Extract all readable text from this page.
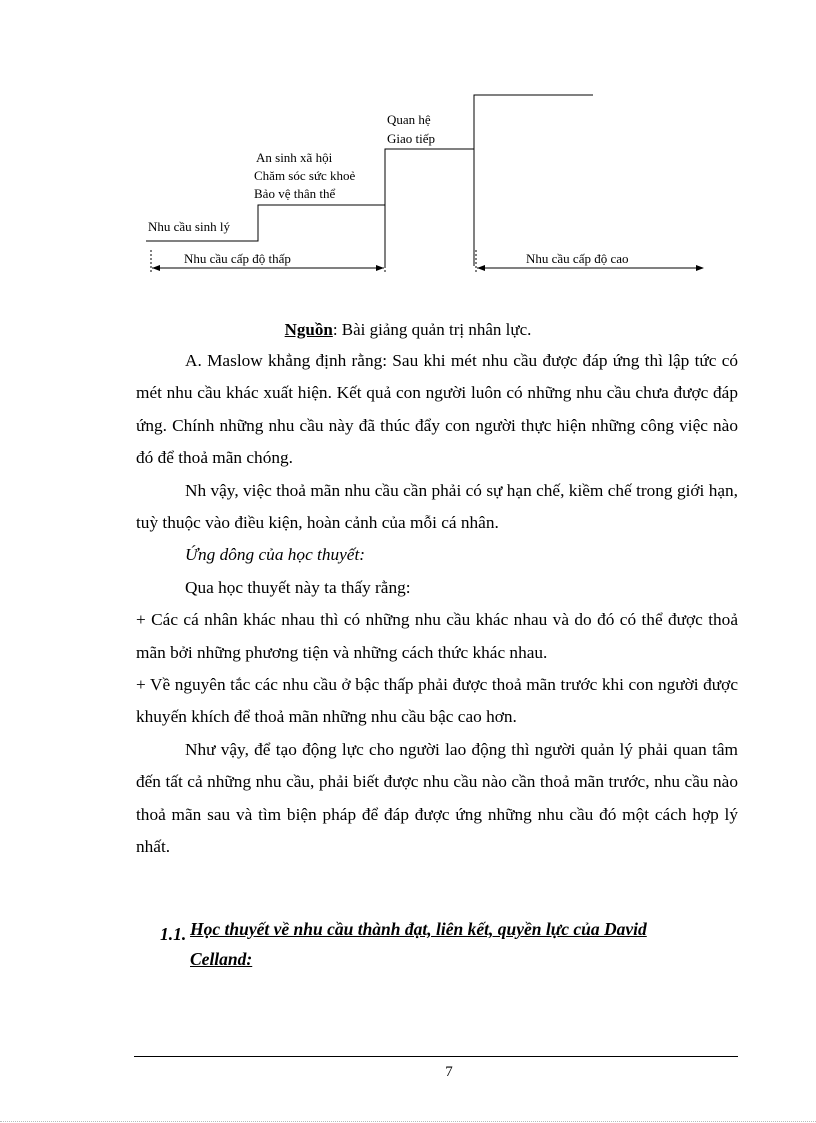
Nhu cầu sinh lý
An sinh xã hội
Chăm sóc sức khoẻ
Bảo vệ thân thể
Quan hệ
Giao tiếp
Nhu cầu cấp độ thấp	Nhu cầu cấp độ cao
Nguồn: Bài giảng quản trị nhân lực.

A. Maslow khẳng định rằng: Sau khi mét nhu cầu được đáp ứng thì lập tức có mét nhu cầu khác xuất hiện. Kết quả con người luôn có những nhu cầu chưa được đáp ứng. Chính những nhu cầu này đã thúc đẩy con người thực hiện những công việc nào đó để thoả mãn chóng.

Nh vậy, việc thoả mãn nhu cầu cần phải có sự hạn chế, kiềm chế trong giới hạn, tuỳ thuộc vào điều kiện, hoàn cảnh của mỗi cá nhân.

Ứng dông của học thuyết:

Qua học thuyết này ta thấy rằng:

+ Các cá nhân khác nhau thì có những nhu cầu khác nhau và do đó có thể được thoả mãn bởi những phương tiện và những cách thức khác nhau.

+ Về nguyên tắc các nhu cầu ở bậc thấp phải được thoả mãn trước khi con người được khuyến khích để thoả mãn những nhu cầu bậc cao hơn.

Như vậy, để tạo động lực cho người lao động thì người quản lý phải quan tâm đến tất cả những nhu cầu, phải biết được nhu cầu nào cần thoả mãn trước, nhu cầu nào thoả mãn sau và tìm biện pháp để đáp được ứng những nhu cầu đó một cách hợp lý nhất.

1.1. Học thuyết về nhu cầu thành đạt, liên kết, quyền lực của David
Celland:
7
